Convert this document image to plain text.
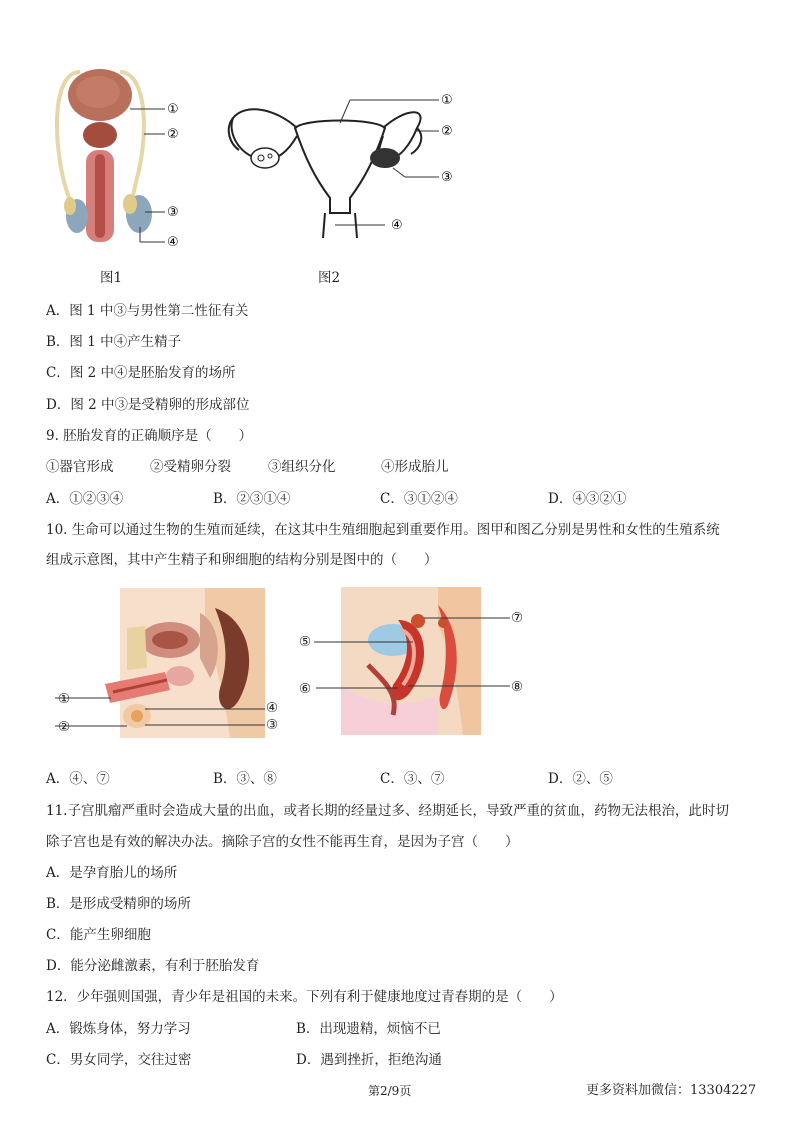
①
②
③
④
图1
①
②
③
④
图2
A．图 1 中③与男性第二性征有关
B．图 1 中④产生精子
C．图 2 中④是胚胎发育的场所
D．图 2 中③是受精卵的形成部位
9. 胚胎发育的正确顺序是（　　）
①器官形成	②受精卵分裂	③组织分化	④形成胎儿
A．①②③④	B．②③①④	C．③①②④	D．④③②①
10. 生命可以通过生物的生殖而延续，在这其中生殖细胞起到重要作用。图甲和图乙分别是男性和女性的生殖系统
组成示意图，其中产生精子和卵细胞的结构分别是图中的（　　）
①
②
④
③
⑤
⑥
⑦
⑧
A．④、⑦	B．③、⑧	C．③、⑦	D．②、⑤
11.子宫肌瘤严重时会造成大量的出血，或者长期的经量过多、经期延长，导致严重的贫血，药物无法根治，此时切
除子宫也是有效的解决办法。摘除子宫的女性不能再生育，是因为子宫（　　）
A．是孕育胎儿的场所
B．是形成受精卵的场所
C．能产生卵细胞
D．能分泌雌激素，有利于胚胎发育
12．少年强则国强，青少年是祖国的未来。下列有利于健康地度过青春期的是（　　）
A．锻炼身体，努力学习	B．出现遗精，烦恼不已
C．男女同学，交往过密	D．遇到挫折，拒绝沟通
第2/9页	更多资料加微信：13304227
